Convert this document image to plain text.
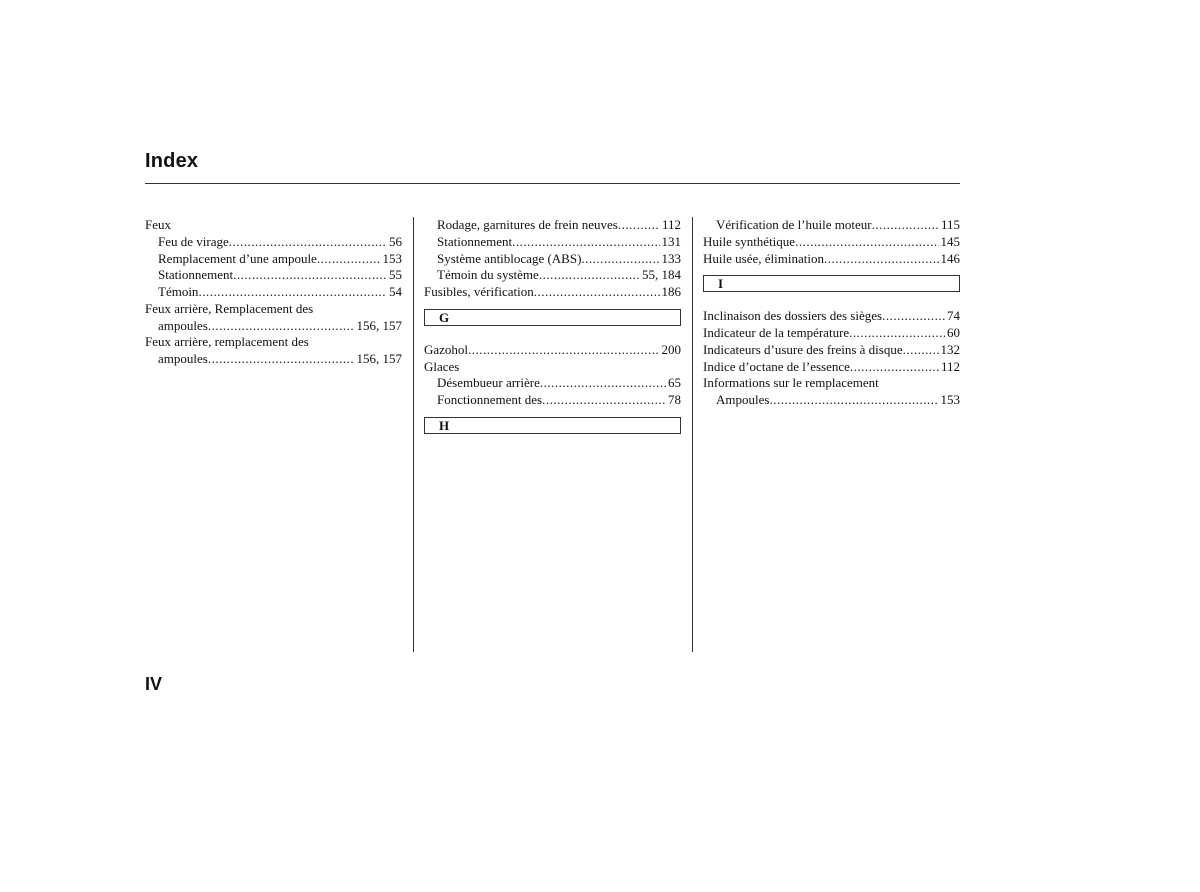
Index
Feux
Feu de virage .....	56
Remplacement d’une ampoule .....	153
Stationnement .....	55
Témoin .....	54
Feux arrière, Remplacement des
ampoules .....	156, 157
Feux arrière, remplacement des
ampoules .....	156, 157
Rodage, garnitures de frein neuves .....	112
Stationnement .....	131
Système antiblocage (ABS) .....	133
Témoin du système .....	55, 184
Fusibles, vérification .....	186
G
Gazohol .....	200
Glaces
Désembueur arrière .....	65
Fonctionnement des .....	78
H
Vérification de l’huile moteur .....	115
Huile synthétique .....	145
Huile usée, élimination .....	146
I
Inclinaison des dossiers des sièges .....	74
Indicateur de la température .....	60
Indicateurs d’usure des freins à disque .....	132
Indice d’octane de l’essence .....	112
Informations sur le remplacement
Ampoules .....	153
IV
